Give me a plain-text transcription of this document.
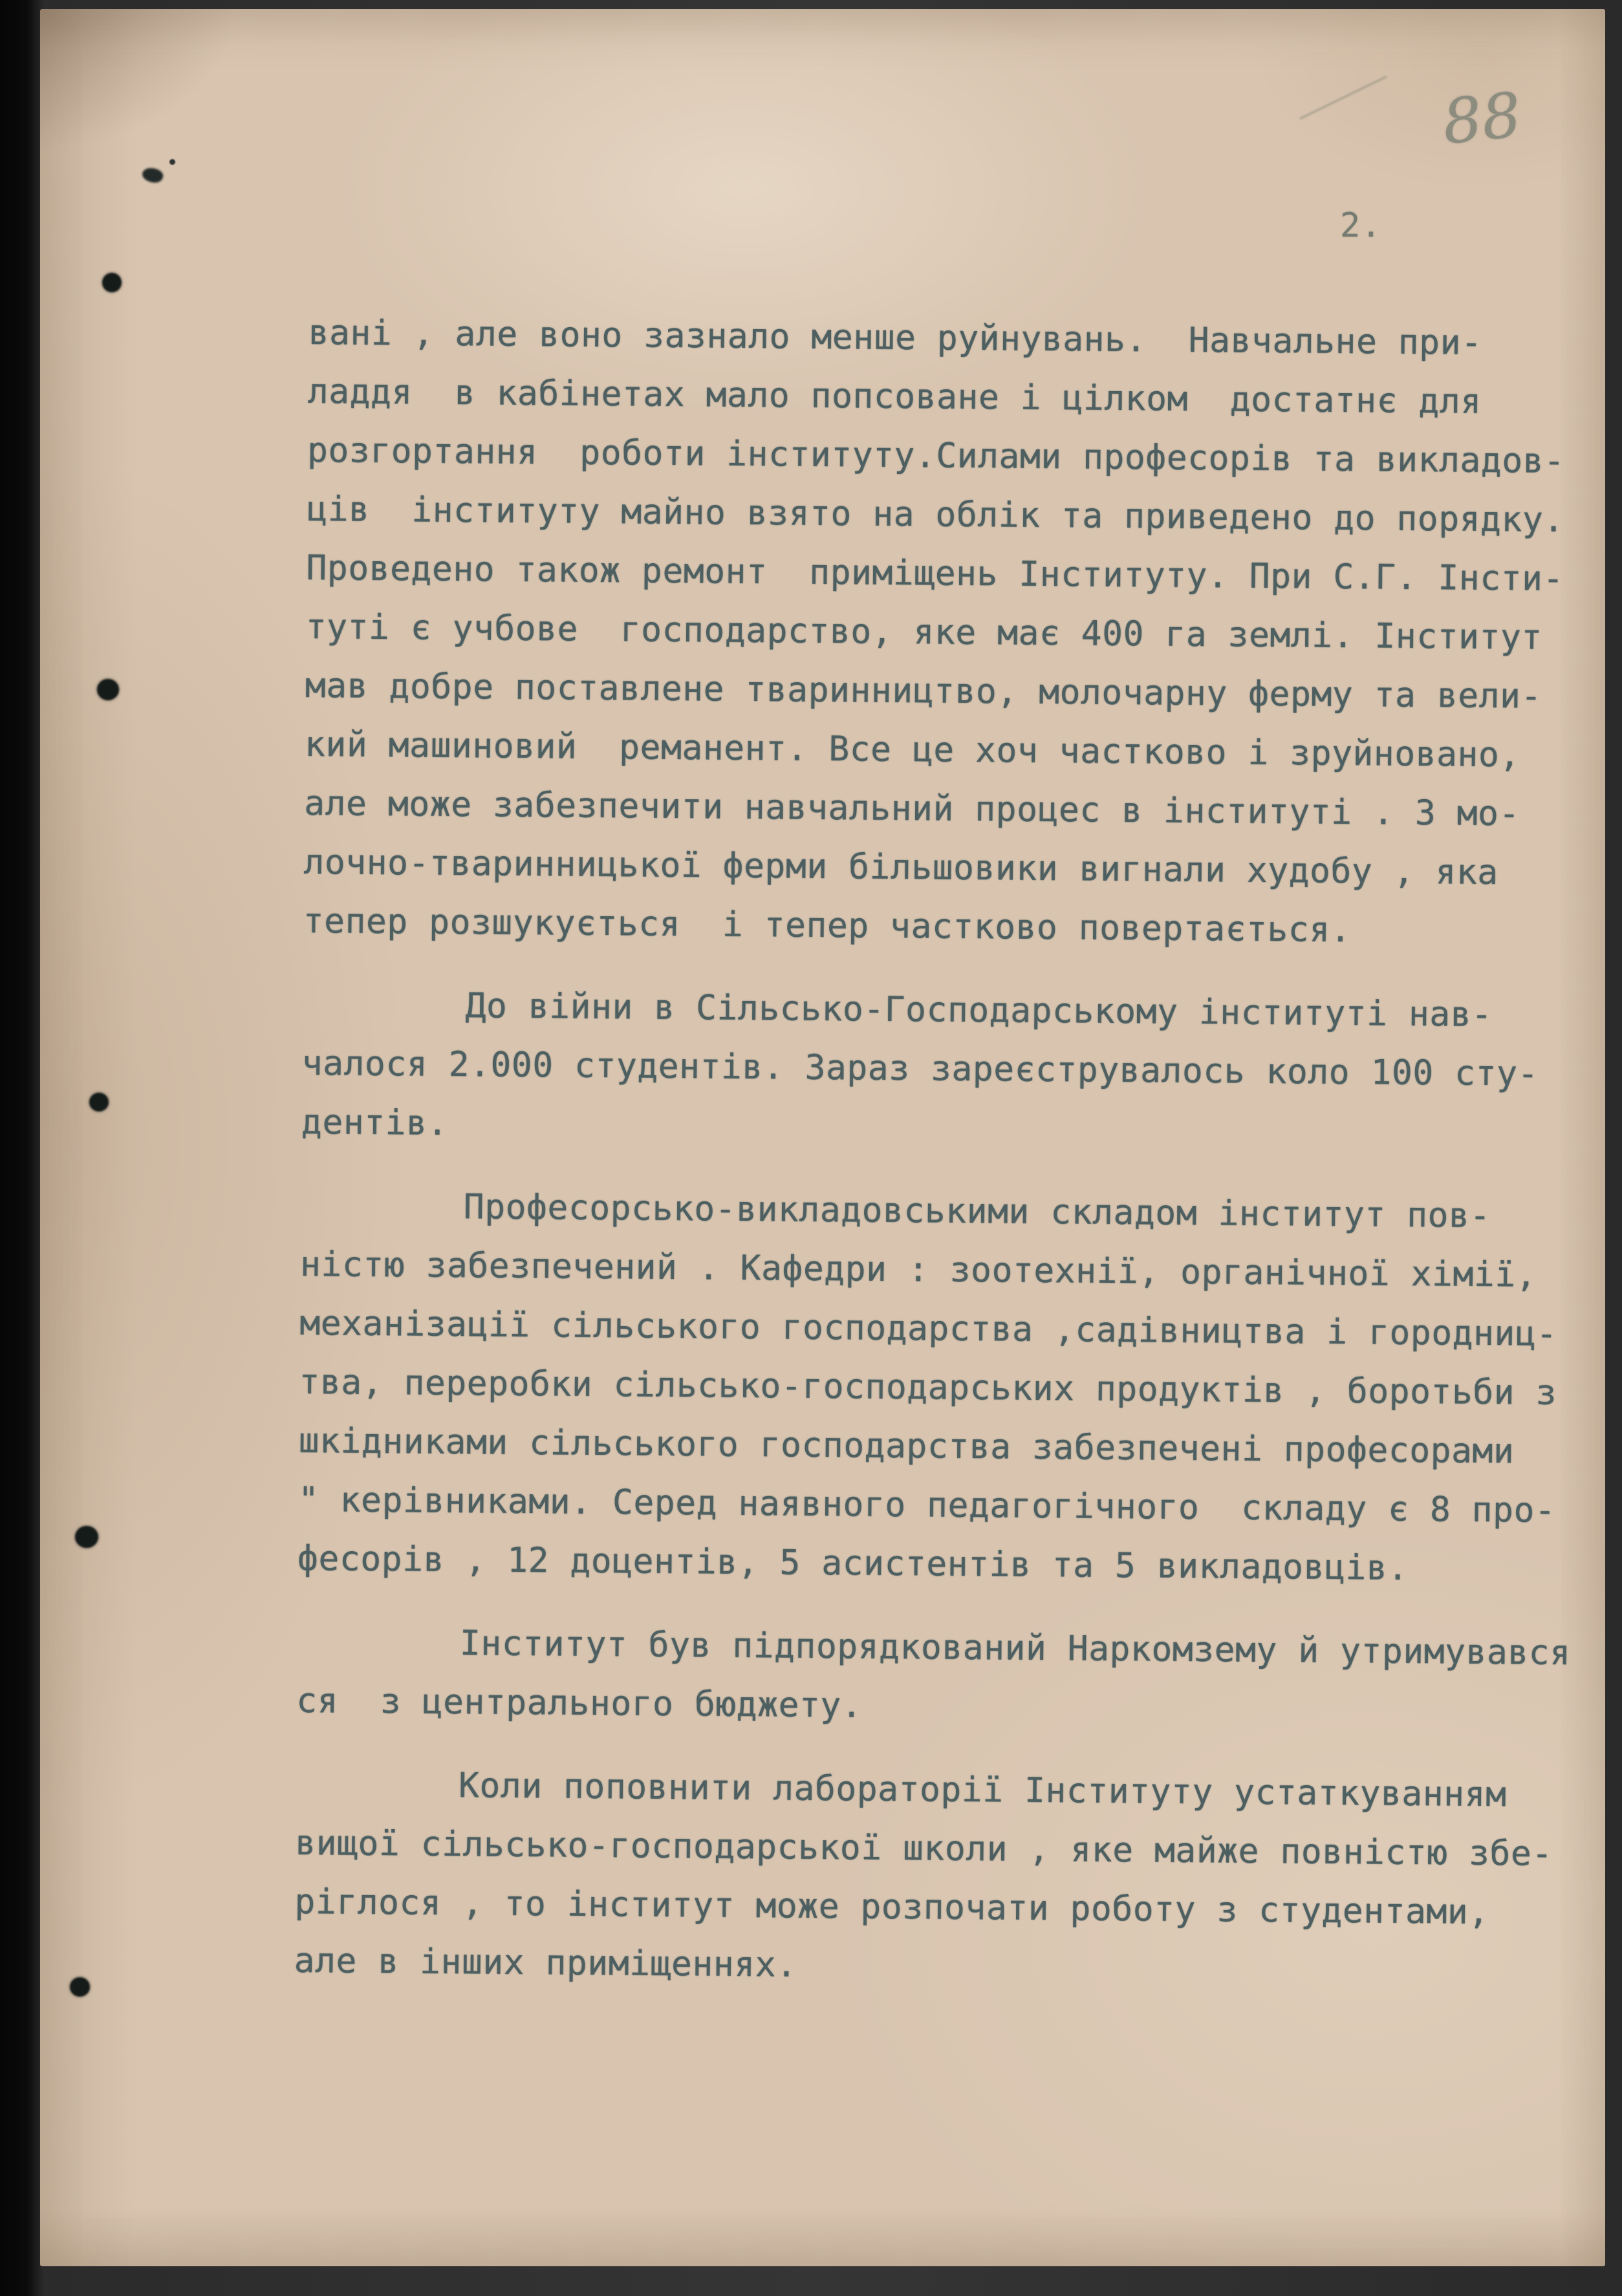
88
2.
вані , але воно зазнало менше руйнувань.  Навчальне при-
ладдя  в кабінетах мало попсоване і цілком  достатнє для
розгортання  роботи інституту.Силами професорів та викладов-
ців  інституту майно взято на облік та приведено до порядку.
Проведено також ремонт  приміщень Інституту. При С.Г. Інсти-
туті є учбове  господарство, яке має 400 га землі. Інститут
мав добре поставлене тваринництво, молочарну ферму та вели-
кий машиновий  реманент. Все це хоч частково і зруйновано,
але може забезпечити навчальний процес в інституті . З мо-
лочно-тваринницької ферми більшовики вигнали худобу , яка
тепер розшукується  і тепер частково повертається.
До війни в Сільсько-Господарському інституті нав-
чалося 2.000 студентів. Зараз зареєструвалось коло 100 сту-
дентів.
Професорсько-викладовськими складом інститут пов-
ністю забезпечений . Кафедри : зоотехнії, органічної хімії,
механізації сільського господарства ,садівництва і городниц-
тва, переробки сільсько-господарських продуктів , боротьби з
шкідниками сільського господарства забезпечені професорами
" керівниками. Серед наявного педагогічного  складу є 8 про-
фесорів , 12 доцентів, 5 асистентів та 5 викладовців.
Інститут був підпорядкований Наркомзему й утримувався
ся  з центрального бюджету.
Коли поповнити лабораторії Інституту устаткуванням
вищої сільсько-господарської школи , яке майже повністю збе-
ріглося , то інститут може розпочати роботу з студентами,
але в інших приміщеннях.
